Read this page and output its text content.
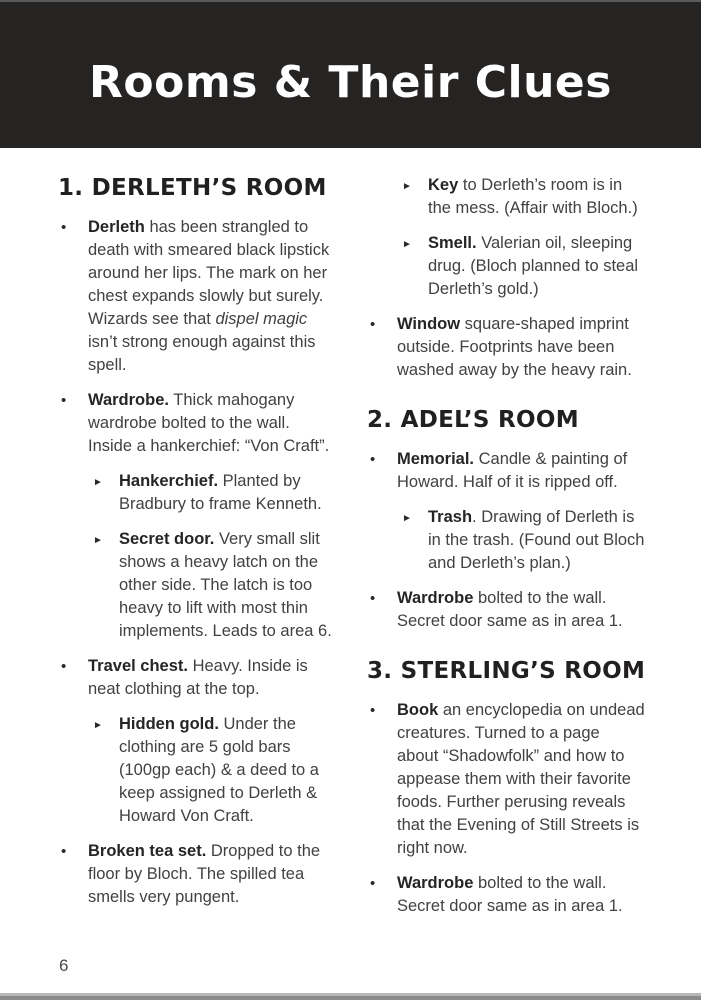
Rooms & Their Clues
1. DERLETH’S ROOM
•	Derleth has been strangled to death with smeared black lipstick around her lips. The mark on her chest expands slowly but surely. Wizards see that dispel magic isn’t strong enough against this spell.

•	Wardrobe. Thick mahogany wardrobe bolted to the wall. Inside a hankerchief: “Von Craft”.

► Hankerchief. Planted by Bradbury to frame Kenneth.

► Secret door. Very small slit shows a heavy latch on the other side. The latch is too heavy to lift with most thin implements. Leads to area 6.

•	Travel chest. Heavy. Inside is neat clothing at the top.

► Hidden gold. Under the clothing are 5 gold bars (100gp each) & a deed to a keep assigned to Derleth & Howard Von Craft.

•	Broken tea set. Dropped to the floor by Bloch. The spilled tea smells very pungent.

► Key to Derleth’s room is in the mess. (Affair with Bloch.)

► Smell. Valerian oil, sleeping drug. (Bloch planned to steal Derleth’s gold.)

•	Window square-shaped imprint outside. Footprints have been washed away by the heavy rain.

2. ADEL’S ROOM
•	Memorial. Candle & painting of Howard. Half of it is ripped off.

► Trash. Drawing of Derleth is in the trash. (Found out Bloch and Derleth’s plan.)

•	Wardrobe bolted to the wall. Secret door same as in area 1.

3. STERLING’S ROOM
•	Book an encyclopedia on undead creatures. Turned to a page about “Shadowfolk” and how to appease them with their favorite foods. Further perusing reveals that the Evening of Still Streets is right now.

•	Wardrobe bolted to the wall. Secret door same as in area 1.

6
